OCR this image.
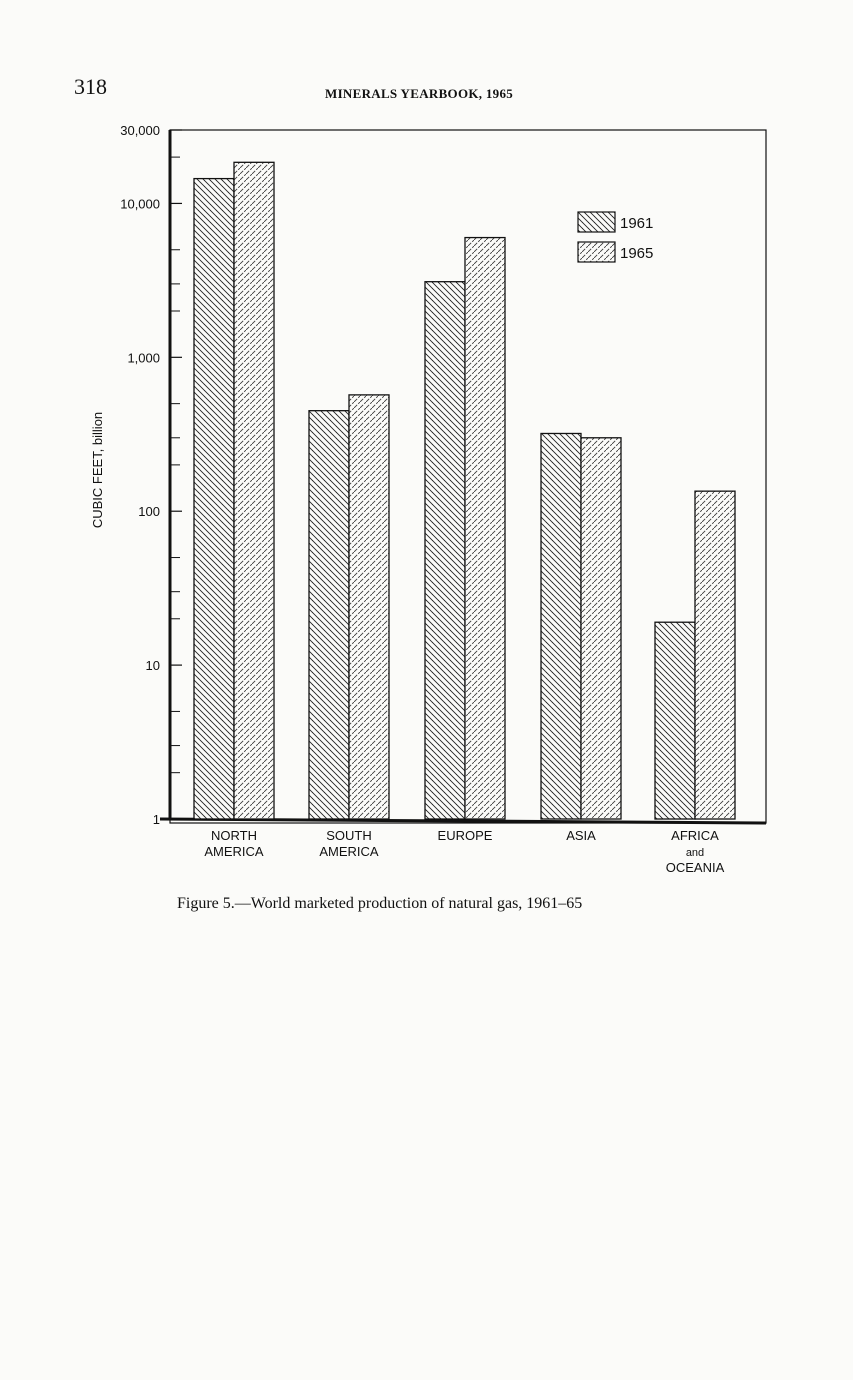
318	MINERALS YEARBOOK, 1965
30,000
10,000
1,000
100
10
1
NORTH
AMERICA
SOUTH
AMERICA
EUROPE	ASIA	AFRICA
and
OCEANIA
1961
1965
CUBIC FEET, billion
Figure 5.—World marketed production of natural gas, 1961–65
